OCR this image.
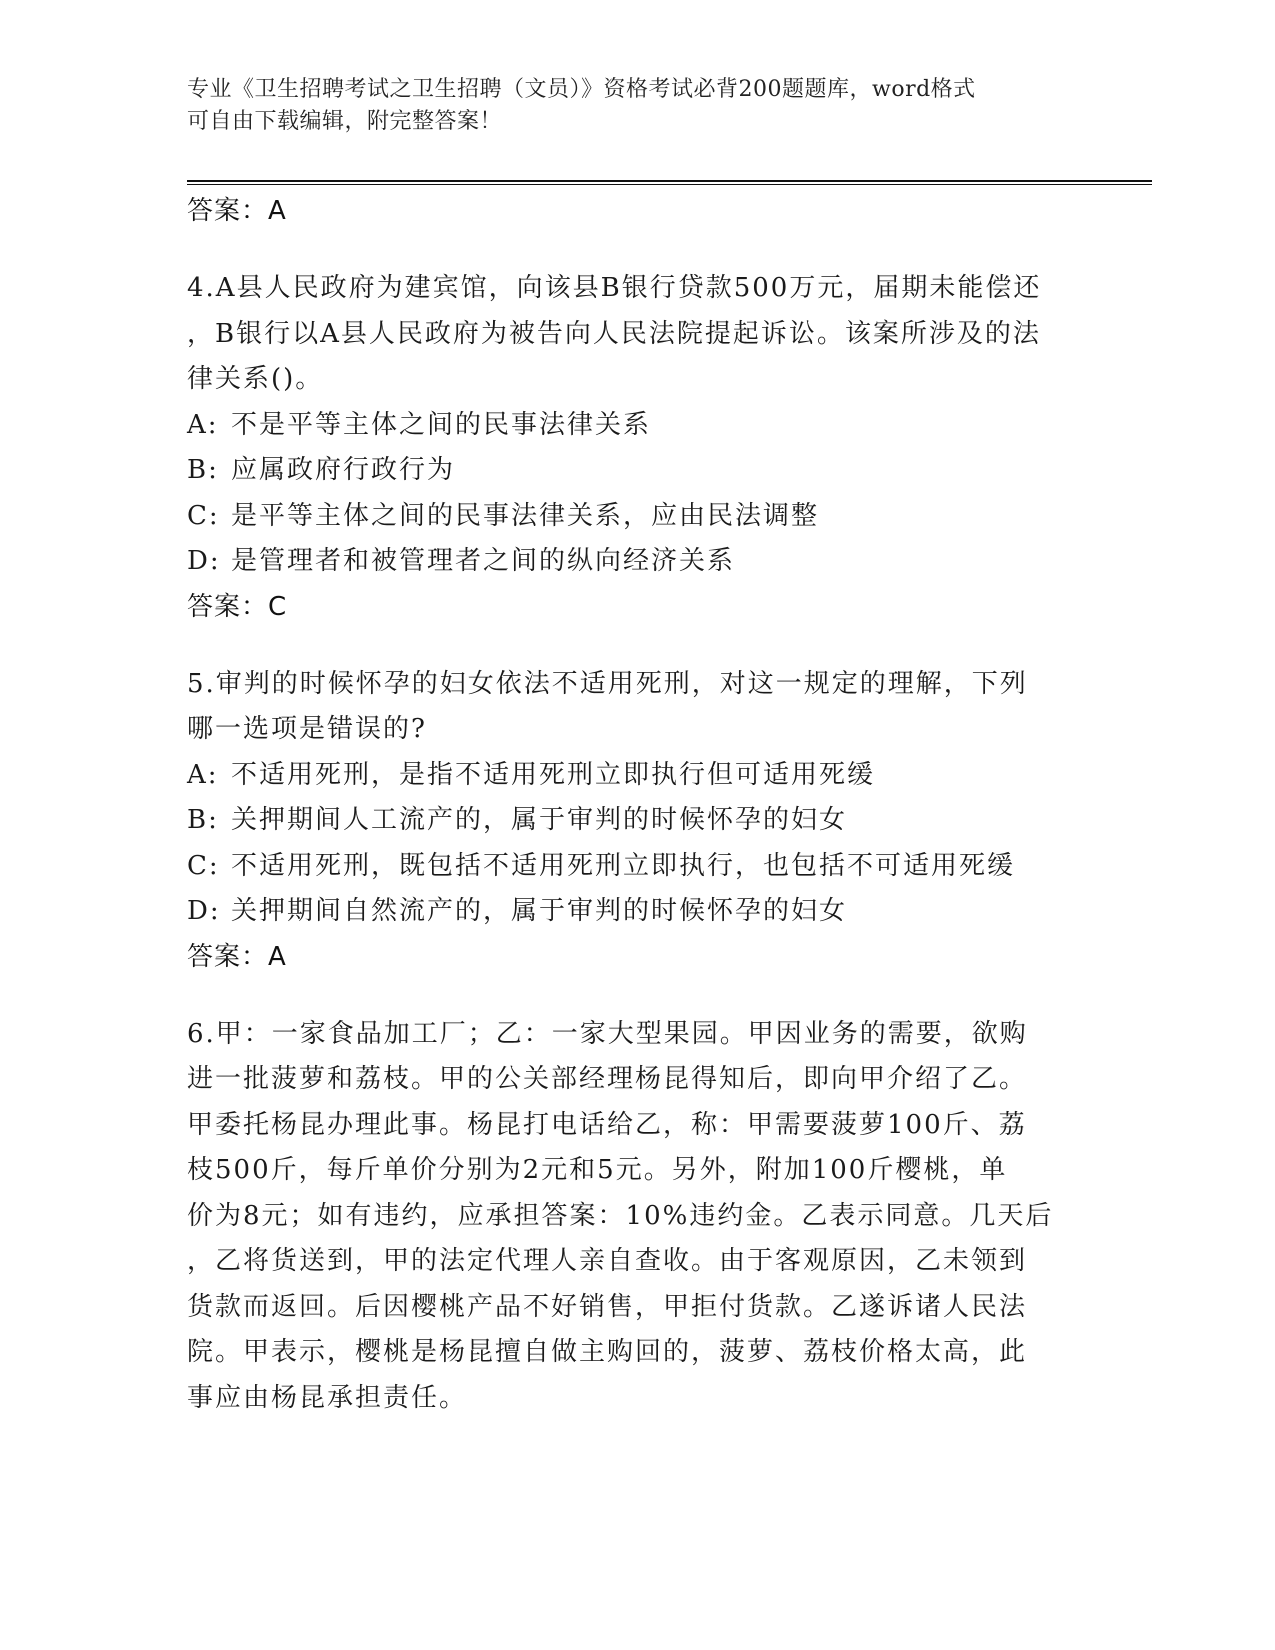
专业《卫生招聘考试之卫生招聘（文员）》资格考试必背200题题库，word格式
可自由下载编辑，附完整答案！
答案：A
4.A县人民政府为建宾馆，向该县B银行贷款500万元，届期未能偿还
，B银行以A县人民政府为被告向人民法院提起诉讼。该案所涉及的法
律关系()。
A: 不是平等主体之间的民事法律关系
B: 应属政府行政行为
C: 是平等主体之间的民事法律关系，应由民法调整
D: 是管理者和被管理者之间的纵向经济关系
答案：C
5.审判的时候怀孕的妇女依法不适用死刑，对这一规定的理解，下列
哪一选项是错误的?
A: 不适用死刑，是指不适用死刑立即执行但可适用死缓
B: 关押期间人工流产的，属于审判的时候怀孕的妇女
C: 不适用死刑，既包括不适用死刑立即执行，也包括不可适用死缓
D: 关押期间自然流产的，属于审判的时候怀孕的妇女
答案：A
6.甲：一家食品加工厂；乙：一家大型果园。甲因业务的需要，欲购
进一批菠萝和荔枝。甲的公关部经理杨昆得知后，即向甲介绍了乙。
甲委托杨昆办理此事。杨昆打电话给乙，称：甲需要菠萝100斤、荔
枝500斤，每斤单价分别为2元和5元。另外，附加100斤樱桃，单
价为8元；如有违约，应承担答案：10%违约金。乙表示同意。几天后
，乙将货送到，甲的法定代理人亲自查收。由于客观原因，乙未领到
货款而返回。后因樱桃产品不好销售，甲拒付货款。乙遂诉诸人民法
院。甲表示，樱桃是杨昆擅自做主购回的，菠萝、荔枝价格太高，此
事应由杨昆承担责任。
